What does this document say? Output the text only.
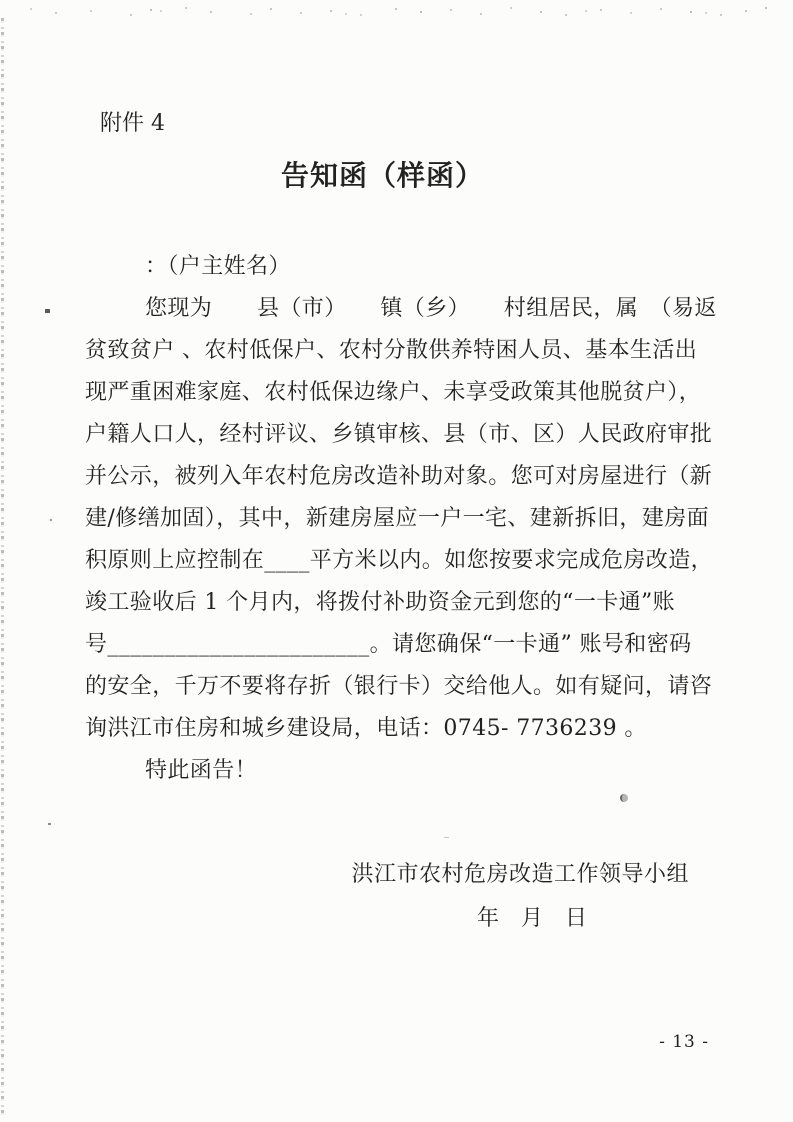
附件 4
告知函（样函）
：（户主姓名）
您现为　　县（市）　　镇（乡）　　村组居民，属　（易返
贫致贫户 、农村低保户、农村分散供养特困人员、基本生活出
现严重困难家庭、农村低保边缘户、未享受政策其他脱贫户），
户籍人口人，经村评议、乡镇审核、县（市、区）人民政府审批
并公示，被列入年农村危房改造补助对象。您可对房屋进行（新
建/修缮加固），其中，新建房屋应一户一宅、建新拆旧，建房面
积原则上应控制在____平方米以内。如您按要求完成危房改造，
竣工验收后 1 个月内，将拨付补助资金元到您的“一卡通”账
号_______________________。请您确保“一卡通” 账号和密码
的安全，千万不要将存折（银行卡）交给他人。如有疑问，请咨
询洪江市住房和城乡建设局，电话：0745- 7736239 。
特此函告！
洪江市农村危房改造工作领导小组
年　月　日
- 13 -
